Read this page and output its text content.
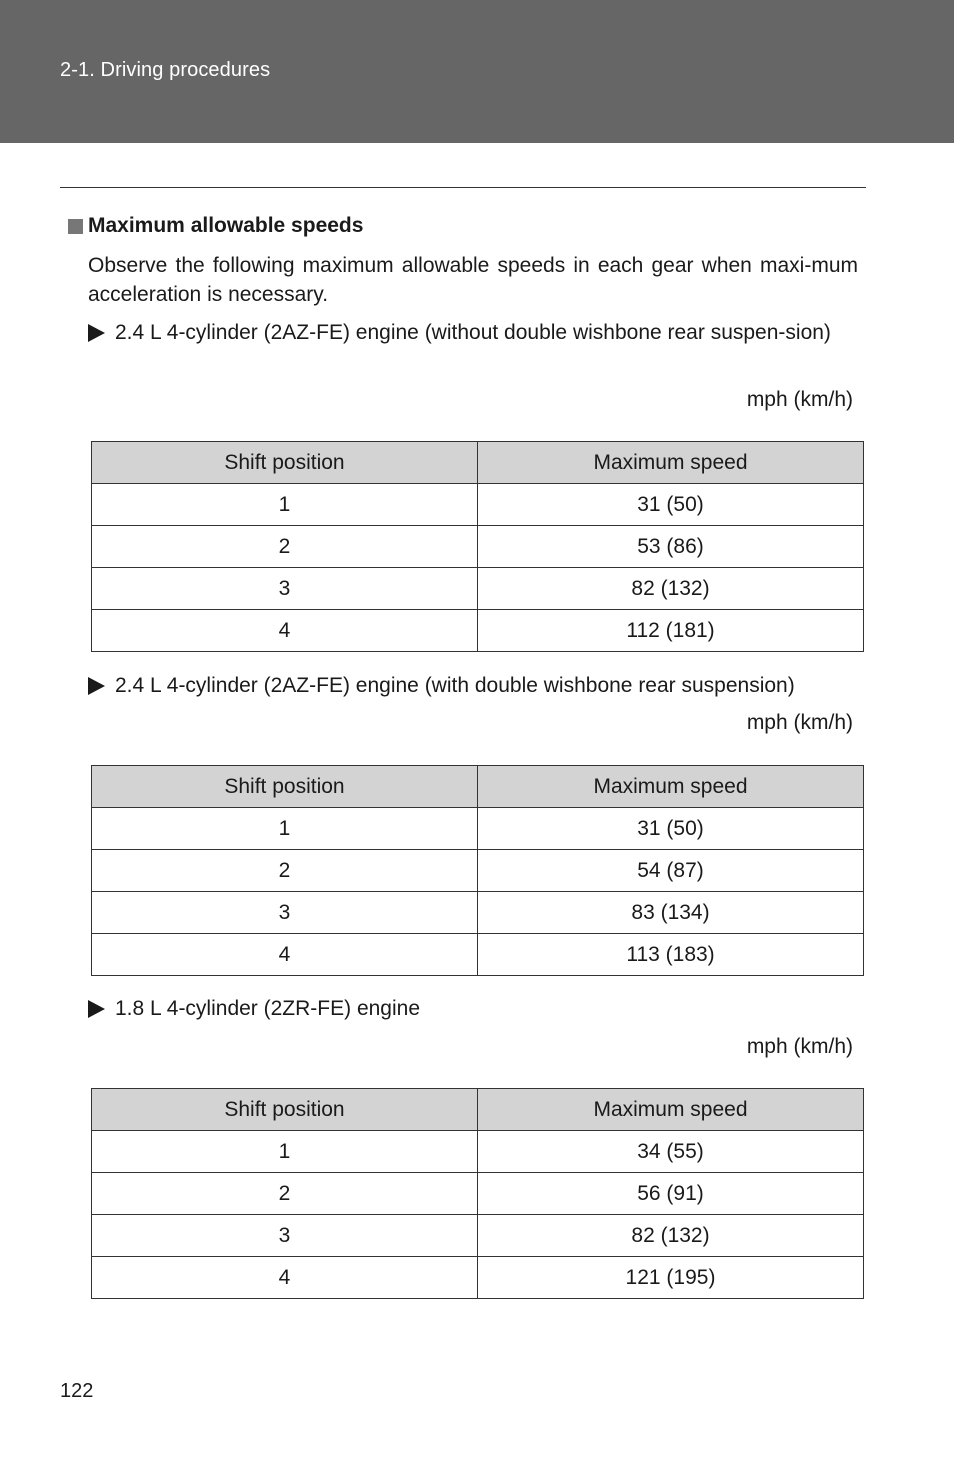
2-1. Driving procedures
Maximum allowable speeds
Observe the following maximum allowable speeds in each gear when maxi-mum acceleration is necessary.
2.4 L 4-cylinder (2AZ-FE) engine (without double wishbone rear suspen-sion)
mph (km/h)
Shift position	Maximum speed
1	31 (50)
2	53 (86)
3	82 (132)
4	112 (181)
2.4 L 4-cylinder (2AZ-FE) engine (with double wishbone rear suspension)
mph (km/h)
Shift position	Maximum speed
1	31 (50)
2	54 (87)
3	83 (134)
4	113 (183)
1.8 L 4-cylinder (2ZR-FE) engine
mph (km/h)
Shift position	Maximum speed
1	34 (55)
2	56 (91)
3	82 (132)
4	121 (195)
122
